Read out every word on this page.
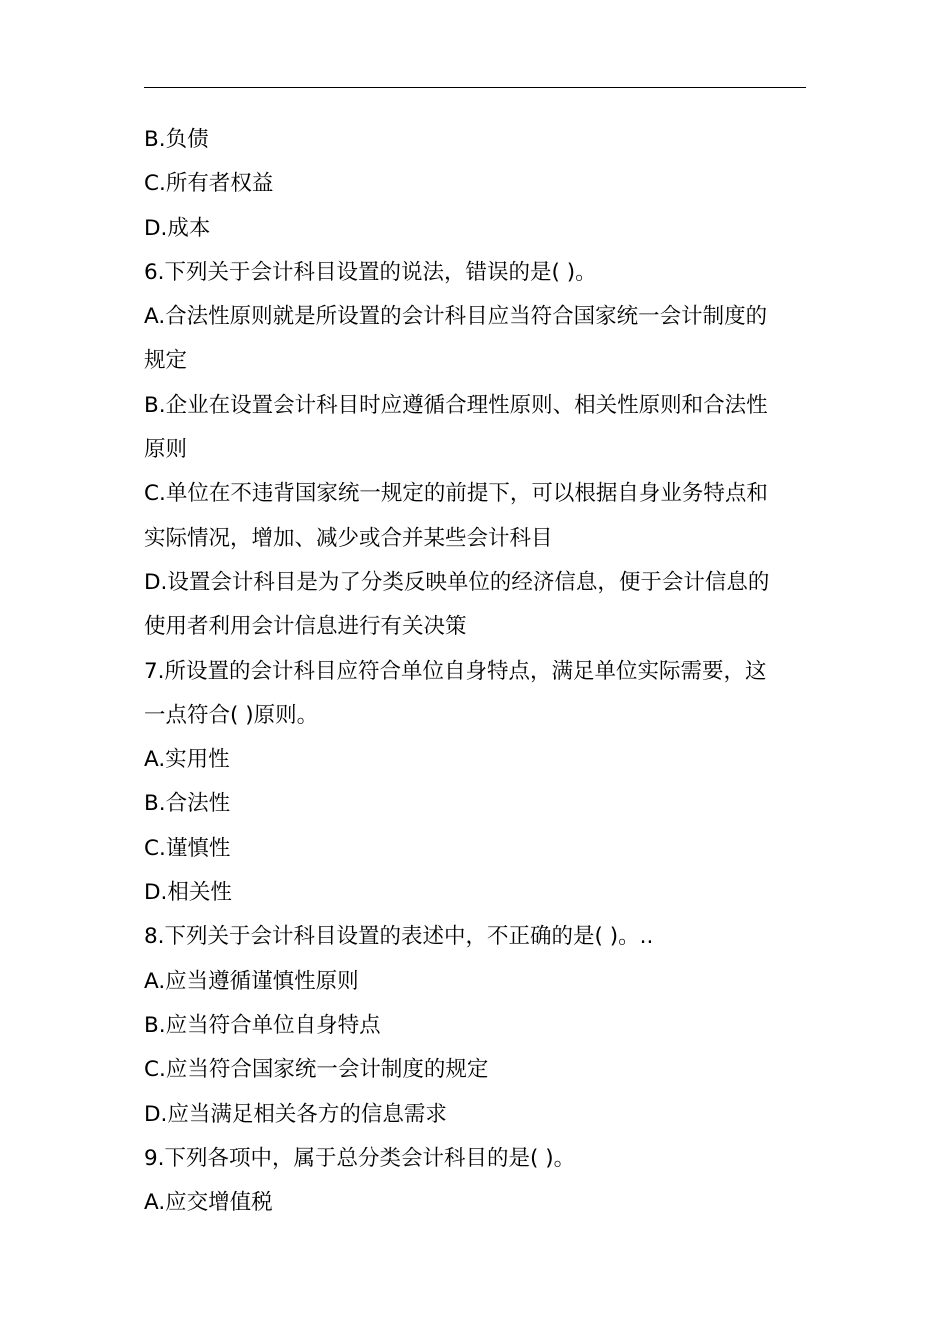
B.负债
C.所有者权益
D.成本
6.下列关于会计科目设置的说法，错误的是( )。
A.合法性原则就是所设置的会计科目应当符合国家统一会计制度的
规定
B.企业在设置会计科目时应遵循合理性原则、相关性原则和合法性
原则
C.单位在不违背国家统一规定的前提下，可以根据自身业务特点和
实际情况，增加、减少或合并某些会计科目
D.设置会计科目是为了分类反映单位的经济信息，便于会计信息的
使用者利用会计信息进行有关决策
7.所设置的会计科目应符合单位自身特点，满足单位实际需要，这
一点符合( )原则。
A.实用性
B.合法性
C.谨慎性
D.相关性
8.下列关于会计科目设置的表述中，不正确的是( )。..
A.应当遵循谨慎性原则
B.应当符合单位自身特点
C.应当符合国家统一会计制度的规定
D.应当满足相关各方的信息需求
9.下列各项中，属于总分类会计科目的是( )。
A.应交增值税
